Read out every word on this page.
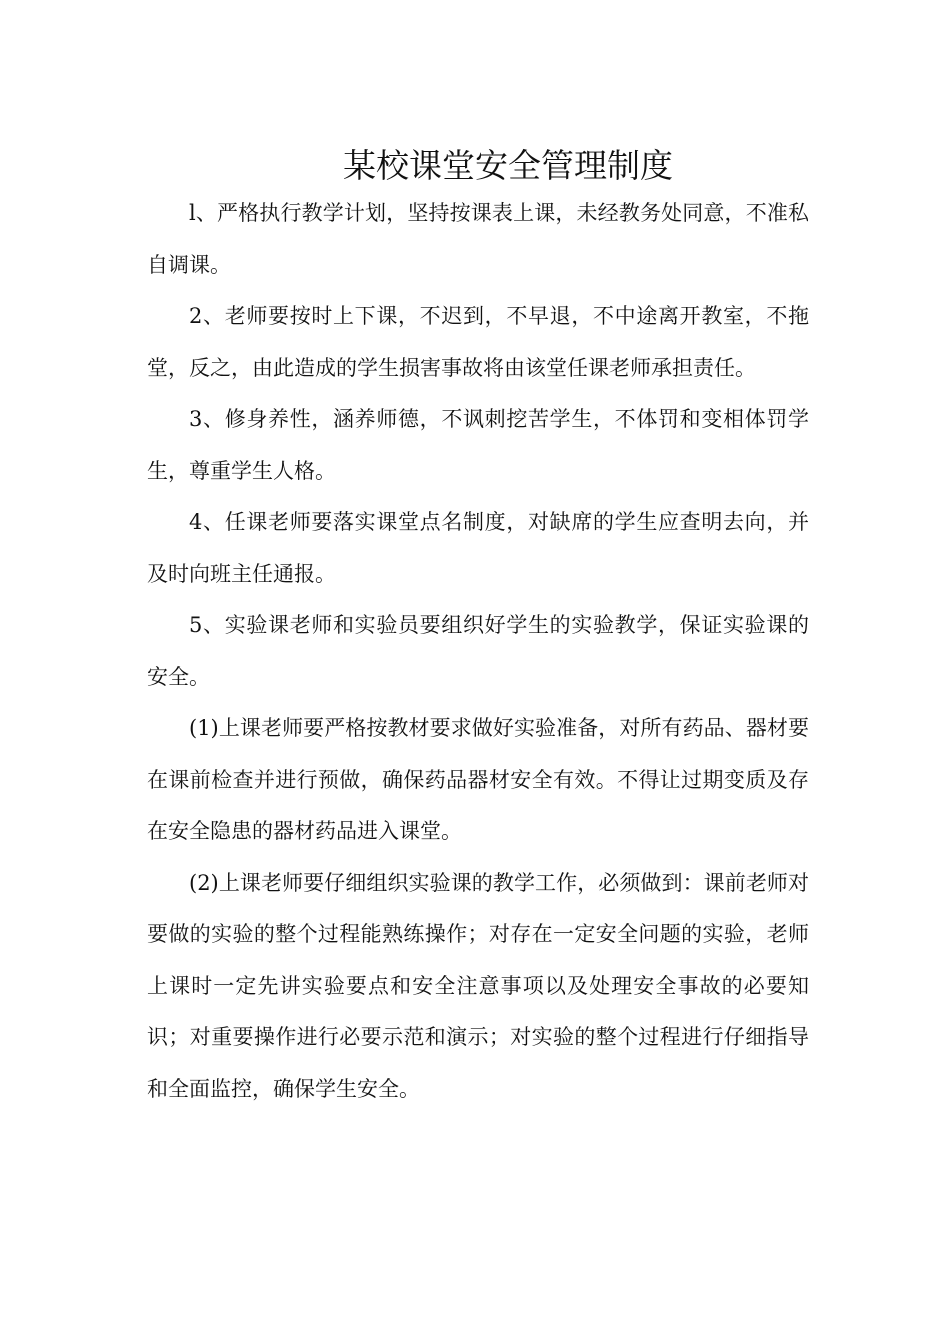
某校课堂安全管理制度

l、严格执行教学计划，坚持按课表上课，未经教务处同意，不准私自调课。

2、老师要按时上下课，不迟到，不早退，不中途离开教室，不拖堂，反之，由此造成的学生损害事故将由该堂任课老师承担责任。

3、修身养性，涵养师德，不讽刺挖苦学生，不体罚和变相体罚学生，尊重学生人格。

4、任课老师要落实课堂点名制度，对缺席的学生应查明去向，并及时向班主任通报。

5、实验课老师和实验员要组织好学生的实验教学，保证实验课的安全。

(1)上课老师要严格按教材要求做好实验准备，对所有药品、器材要在课前检查并进行预做，确保药品器材安全有效。不得让过期变质及存在安全隐患的器材药品进入课堂。

(2)上课老师要仔细组织实验课的教学工作，必须做到：课前老师对要做的实验的整个过程能熟练操作；对存在一定安全问题的实验，老师上课时一定先讲实验要点和安全注意事项以及处理安全事故的必要知识；对重要操作进行必要示范和演示；对实验的整个过程进行仔细指导和全面监控，确保学生安全。
